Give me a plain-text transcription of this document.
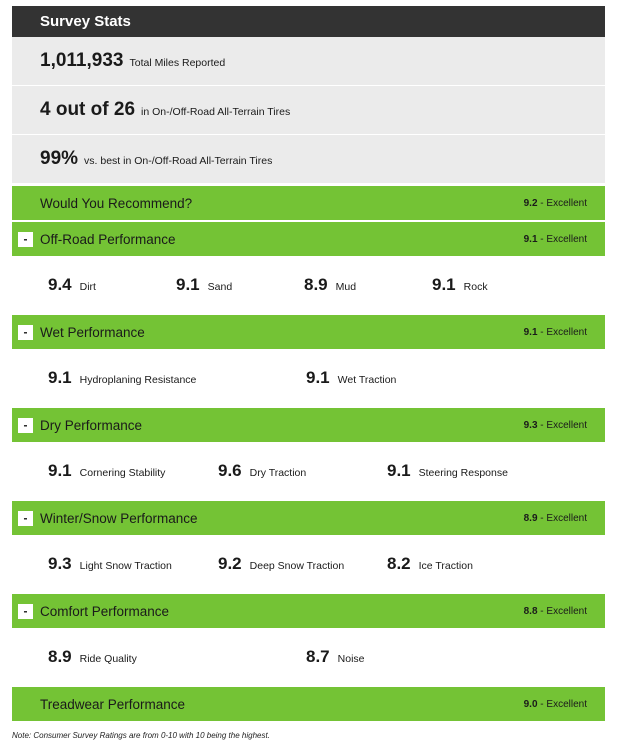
Survey Stats
1,011,933 Total Miles Reported
4 out of 26 in On-/Off-Road All-Terrain Tires
99% vs. best in On-/Off-Road All-Terrain Tires
Would You Recommend?	9.2 - Excellent
- Off-Road Performance	9.1 - Excellent
9.4 Dirt	9.1 Sand	8.9 Mud	9.1 Rock
- Wet Performance	9.1 - Excellent
9.1 Hydroplaning Resistance	9.1 Wet Traction
- Dry Performance	9.3 - Excellent
9.1 Cornering Stability	9.6 Dry Traction	9.1 Steering Response
- Winter/Snow Performance	8.9 - Excellent
9.3 Light Snow Traction	9.2 Deep Snow Traction	8.2 Ice Traction
- Comfort Performance	8.8 - Excellent
8.9 Ride Quality	8.7 Noise
Treadwear Performance	9.0 - Excellent
Note: Consumer Survey Ratings are from 0-10 with 10 being the highest.
